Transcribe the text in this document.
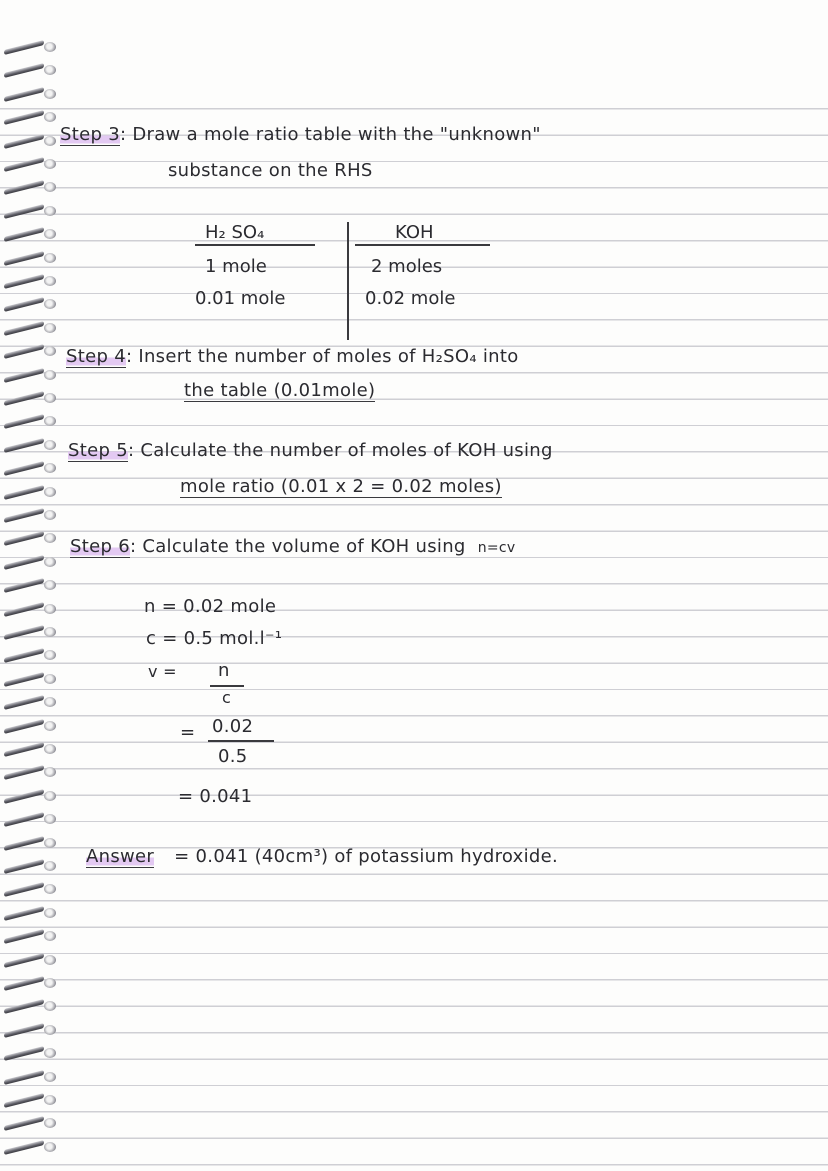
Step 3: Draw a mole ratio table with the "unknown"
substance on the RHS
H₂ SO₄	KOH
1 mole	2 moles
0.01 mole	0.02 mole
Step 4: Insert the number of moles of H₂SO₄ into
the table (0.01mole)
Step 5: Calculate the number of moles of KOH using
mole ratio (0.01 x 2 = 0.02 moles)
Step 6: Calculate the volume of KOH using n=cv
n = 0.02 mole
c = 0.5 mol.l⁻¹
v = n
c
= 0.02
0.5
= 0.041
Answer = 0.041 (40cm³) of potassium hydroxide.
